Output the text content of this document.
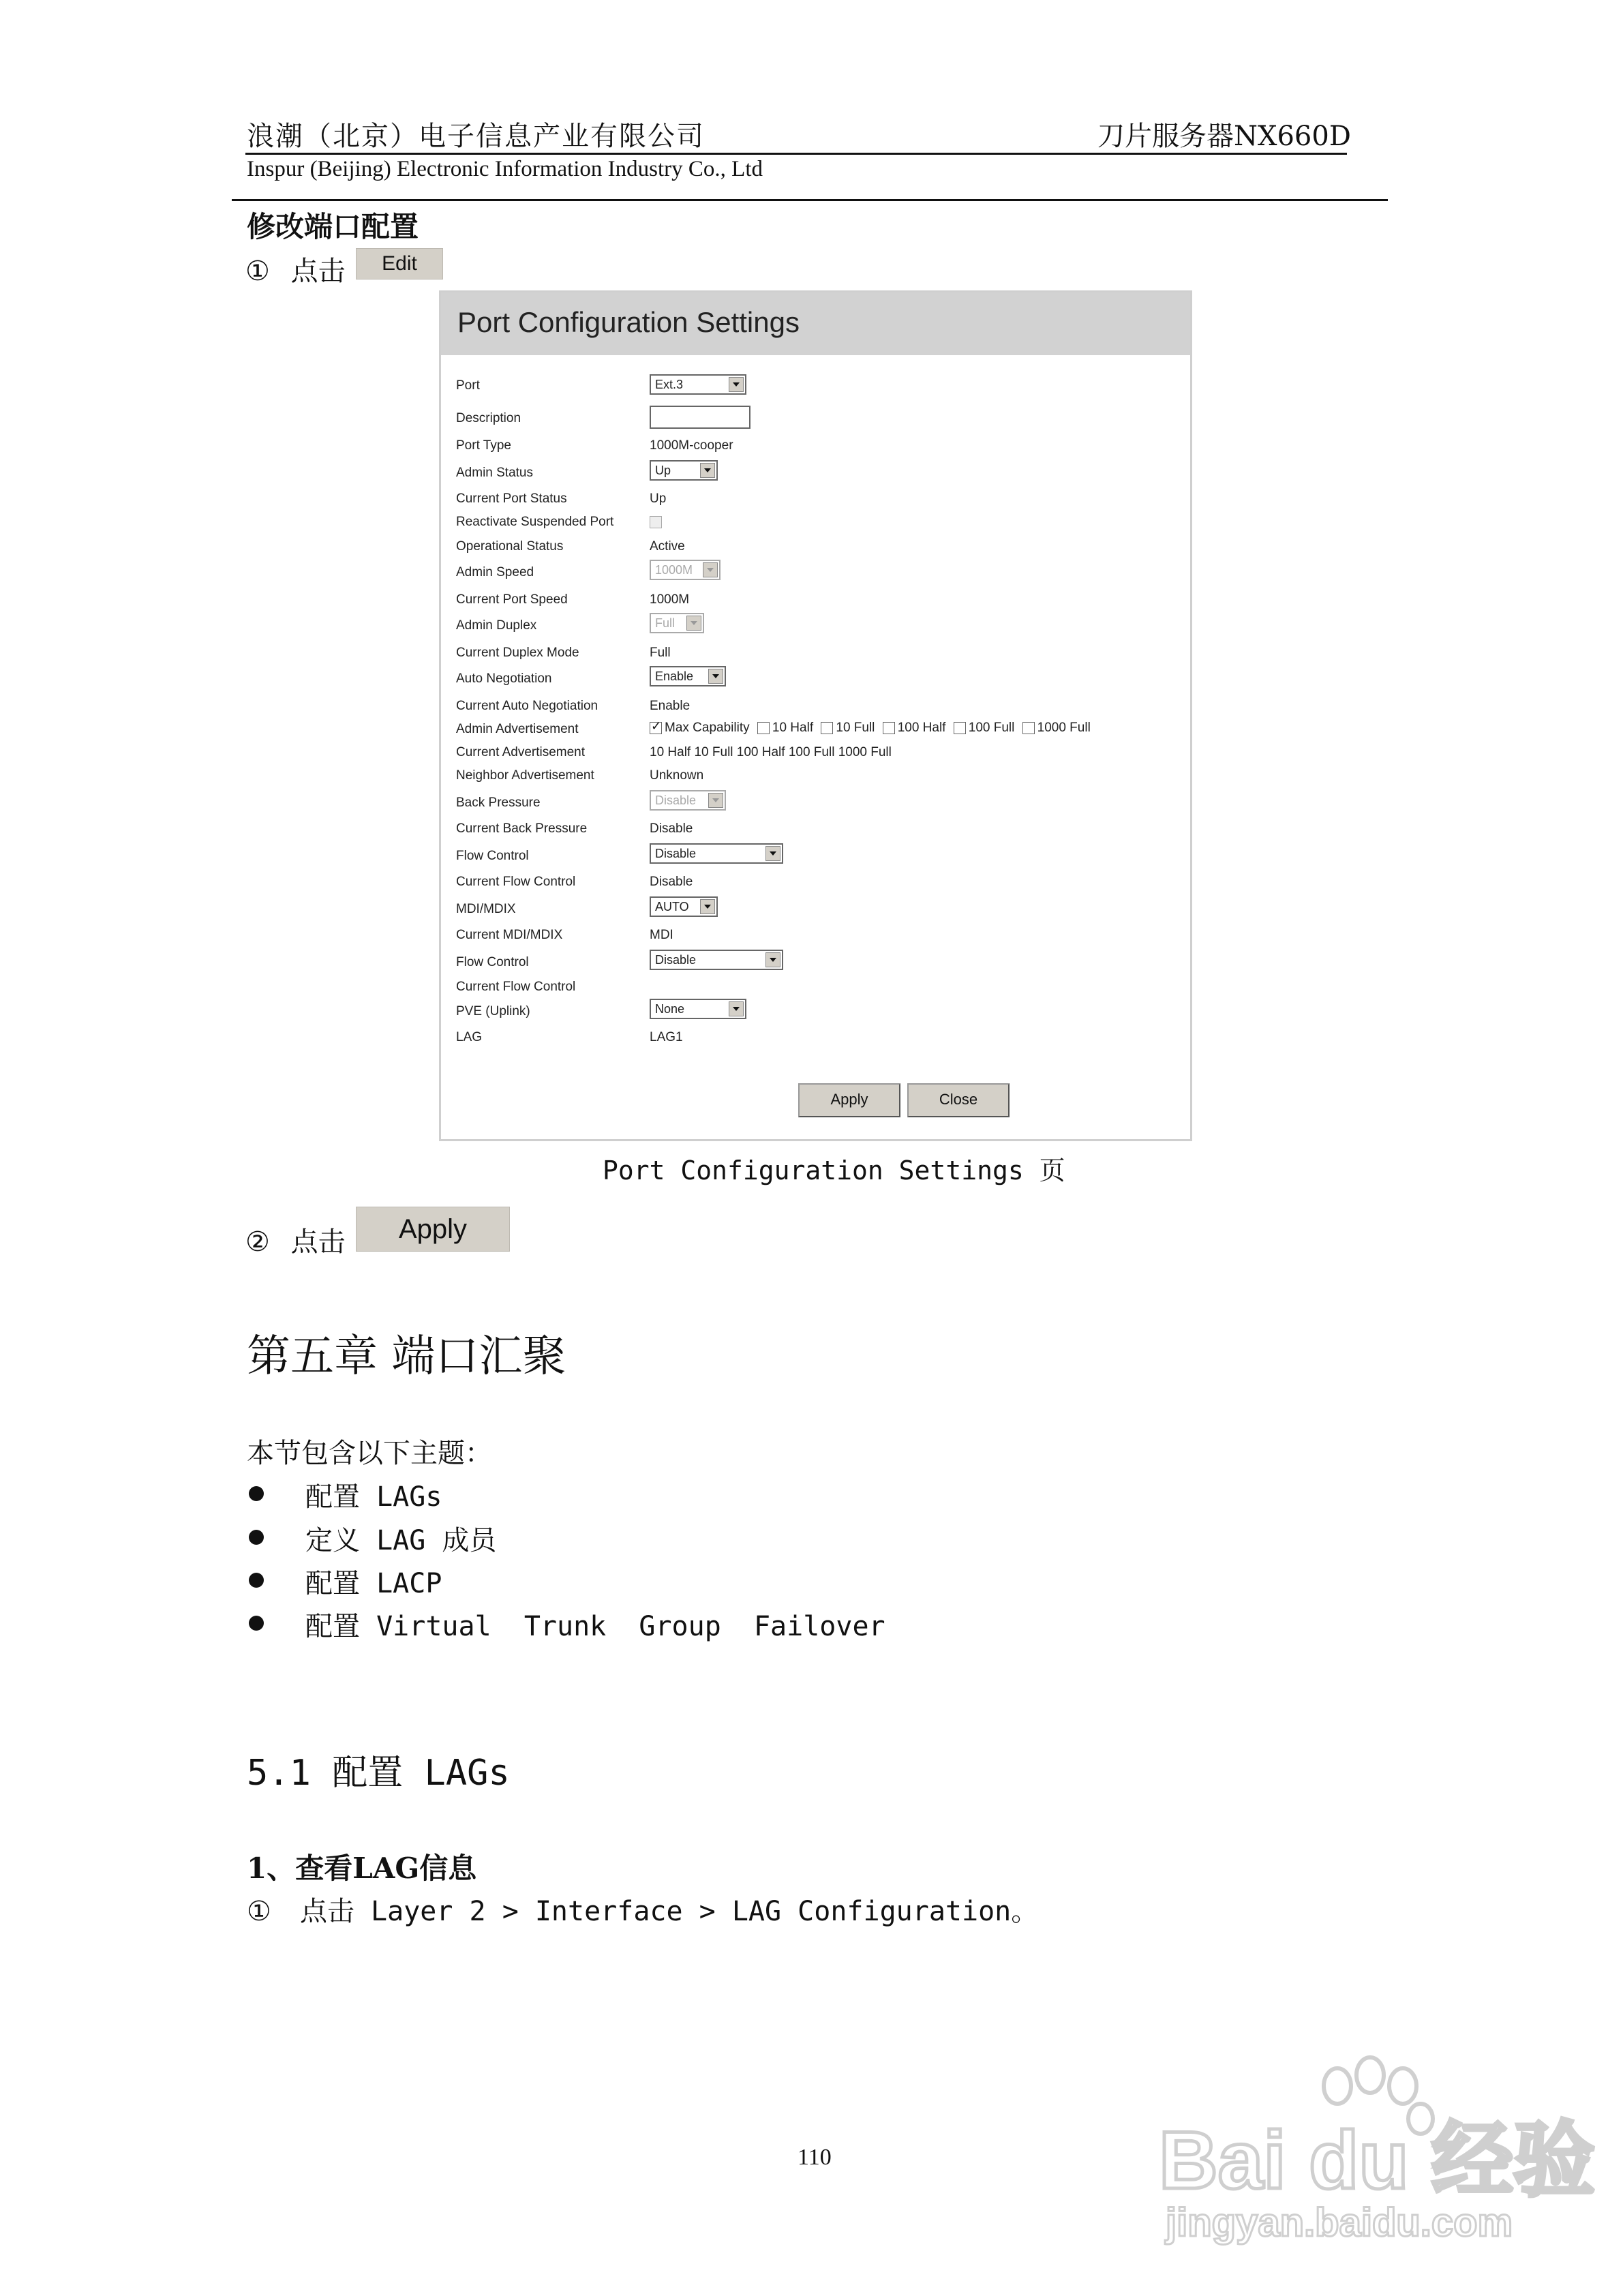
浪潮（北京）电子信息产业有限公司	刀片服务器NX660D
Inspur (Beijing) Electronic Information Industry Co., Ltd
修改端口配置
① 点击	Edit
Port Configuration Settings
Port	Ext.3
Description
Port Type	1000M-cooper
Admin Status	Up
Current Port Status	Up
Reactivate Suspended Port
Operational Status	Active
Admin Speed	1000M
Current Port Speed	1000M
Admin Duplex	Full
Current Duplex Mode	Full
Auto Negotiation	Enable
Current Auto Negotiation	Enable
Admin Advertisement
✓	Max Capability 10 Half 10 Full 100 Half 100 Full 1000 Full
Current Advertisement	10 Half 10 Full 100 Half 100 Full 1000 Full
Neighbor Advertisement	Unknown
Back Pressure	Disable
Current Back Pressure	Disable
Flow Control	Disable
Current Flow Control	Disable
MDI/MDIX	AUTO
Current MDI/MDIX	MDI
Flow Control	Disable
Current Flow Control
PVE (Uplink)	None
LAG	LAG1
Apply	Close
Port Configuration Settings 页
② 点击	Apply
第五章 端口汇聚
本节包含以下主题：
配置 LAGs
定义 LAG 成员
配置 LACP
配置 Virtual  Trunk  Group  Failover
5.1 配置 LAGs
1、查看LAG信息
① 点击 Layer 2 > Interface > LAG Configuration。
110	Bai du 经验
jingyan.baidu.com
